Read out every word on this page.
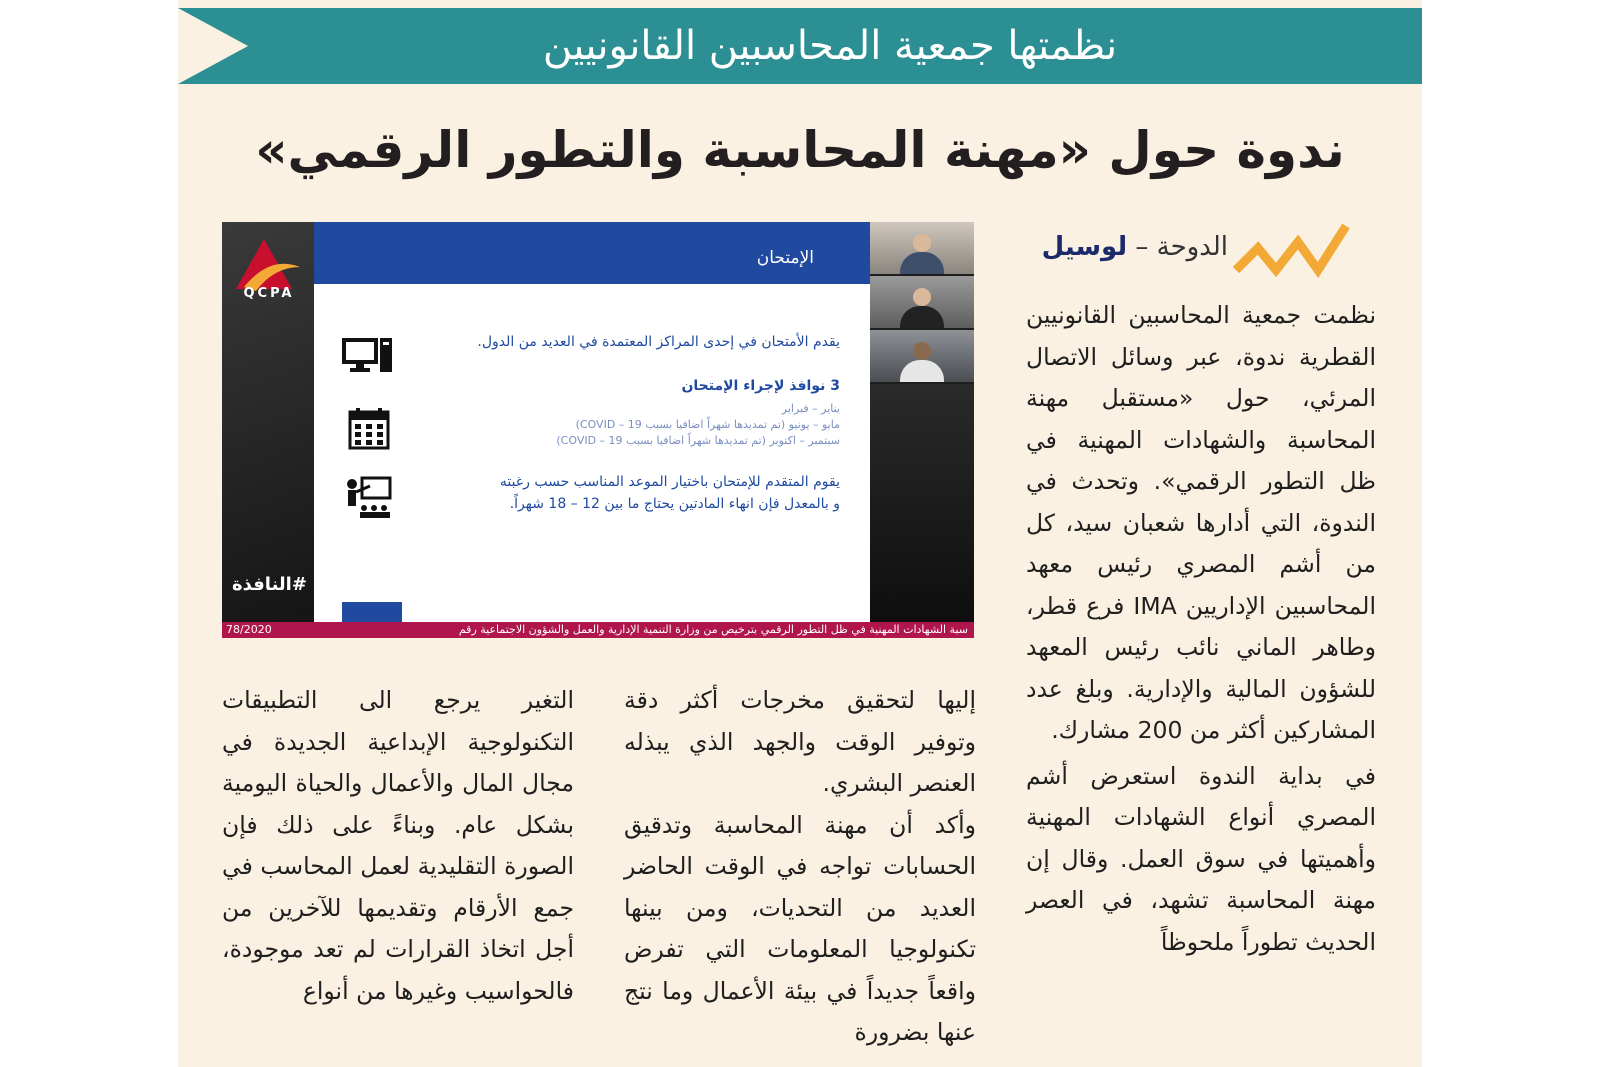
نظمتها جمعية المحاسبين القانونيين
ندوة حول «مهنة المحاسبة والتطور الرقمي»
الدوحة – لوسيل

نظمت جمعية المحاسبين القانونيين القطرية ندوة، عبر وسائل الاتصال المرئي، حول «مستقبل مهنة المحاسبة والشهادات المهنية في ظل التطور الرقمي». وتحدث في الندوة، التي أدارها شعبان سيد، كل من أشم المصري رئيس معهد المحاسبين الإداريين IMA فرع قطر، وطاهر الماني نائب رئيس المعهد للشؤون المالية والإدارية. وبلغ عدد المشاركين أكثر من 200 مشارك.

في بداية الندوة استعرض أشم المصري أنواع الشهادات المهنية وأهميتها في سوق العمل. وقال إن مهنة المحاسبة تشهد، في العصر الحديث تطوراً ملحوظاً

QCPA
#النافذة
الإمتحان
يقدم الأمتحان في إحدى المراكز المعتمدة في العديد من الدول.
3 نوافذ لإجراء الإمتحان
يناير – فبراير
مايو – يونيو (تم تمديدها شهراً اضافيا بسبب COVID – 19)
سبتمبر – اكتوبر (تم تمديدها شهراً اضافيا بسبب COVID – 19)
يقوم المتقدم للإمتحان باختيار الموعد المناسب حسب رغبته
و بالمعدل فإن انهاء المادتين يحتاج ما بين 12 – 18 شهراً.
سبة الشهادات المهنية في ظل التطور الرقمي بترخيص من وزارة التنمية الإدارية والعمل والشؤون الاجتماعية رقم
78/2020

إليها لتحقيق مخرجات أكثر دقة وتوفير الوقت والجهد الذي يبذله العنصر البشري.

وأكد أن مهنة المحاسبة وتدقيق الحسابات تواجه في الوقت الحاضر العديد من التحديات، ومن بينها تكنولوجيا المعلومات التي تفرض واقعاً جديداً في بيئة الأعمال وما نتج عنها بضرورة

التغير يرجع الى التطبيقات التكنولوجية الإبداعية الجديدة في مجال المال والأعمال والحياة اليومية بشكل عام. وبناءً على ذلك فإن الصورة التقليدية لعمل المحاسب في جمع الأرقام وتقديمها للآخرين من أجل اتخاذ القرارات لم تعد موجودة، فالحواسيب وغيرها من أنواع
